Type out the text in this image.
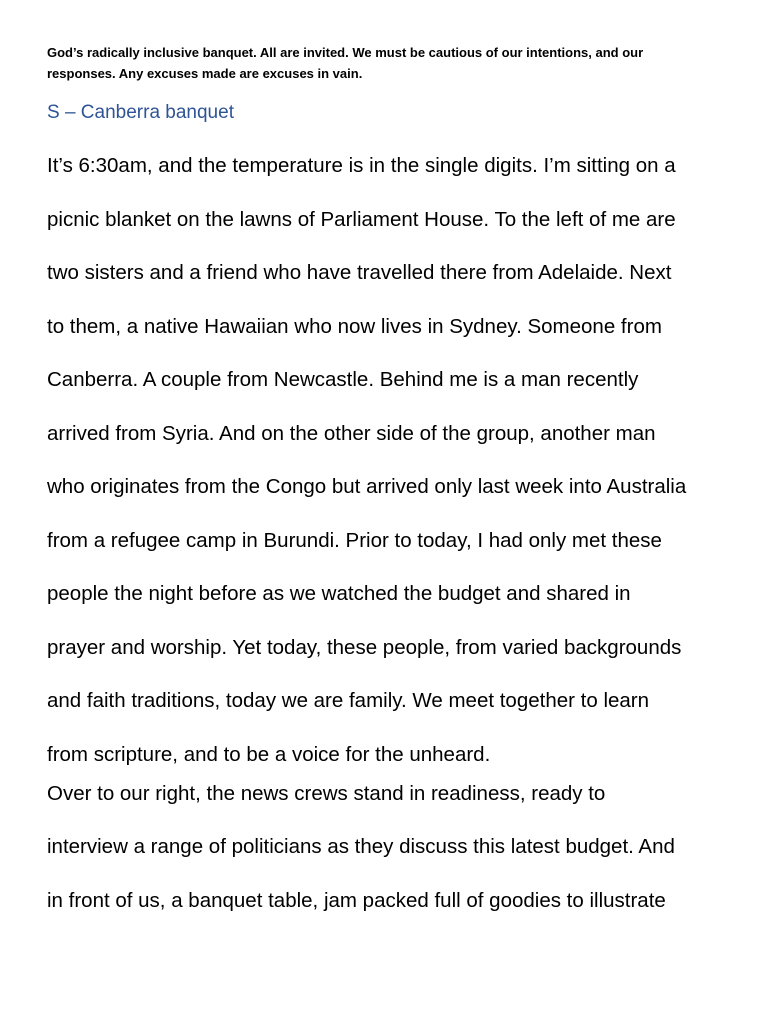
God’s radically inclusive banquet. All are invited. We must be cautious of our intentions, and our responses. Any excuses made are excuses in vain.
S – Canberra banquet
It’s 6:30am, and the temperature is in the single digits. I’m sitting on a
picnic blanket on the lawns of Parliament House. To the left of me are
two sisters and a friend who have travelled there from Adelaide. Next
to them, a native Hawaiian who now lives in Sydney. Someone from
Canberra. A couple from Newcastle. Behind me is a man recently
arrived from Syria. And on the other side of the group, another man
who originates from the Congo but arrived only last week into Australia
from a refugee camp in Burundi. Prior to today, I had only met these
people the night before as we watched the budget and shared in
prayer and worship. Yet today, these people, from varied backgrounds
and faith traditions, today we are family. We meet together to learn
from scripture, and to be a voice for the unheard.
Over to our right, the news crews stand in readiness, ready to
interview a range of politicians as they discuss this latest budget. And
in front of us, a banquet table, jam packed full of goodies to illustrate
